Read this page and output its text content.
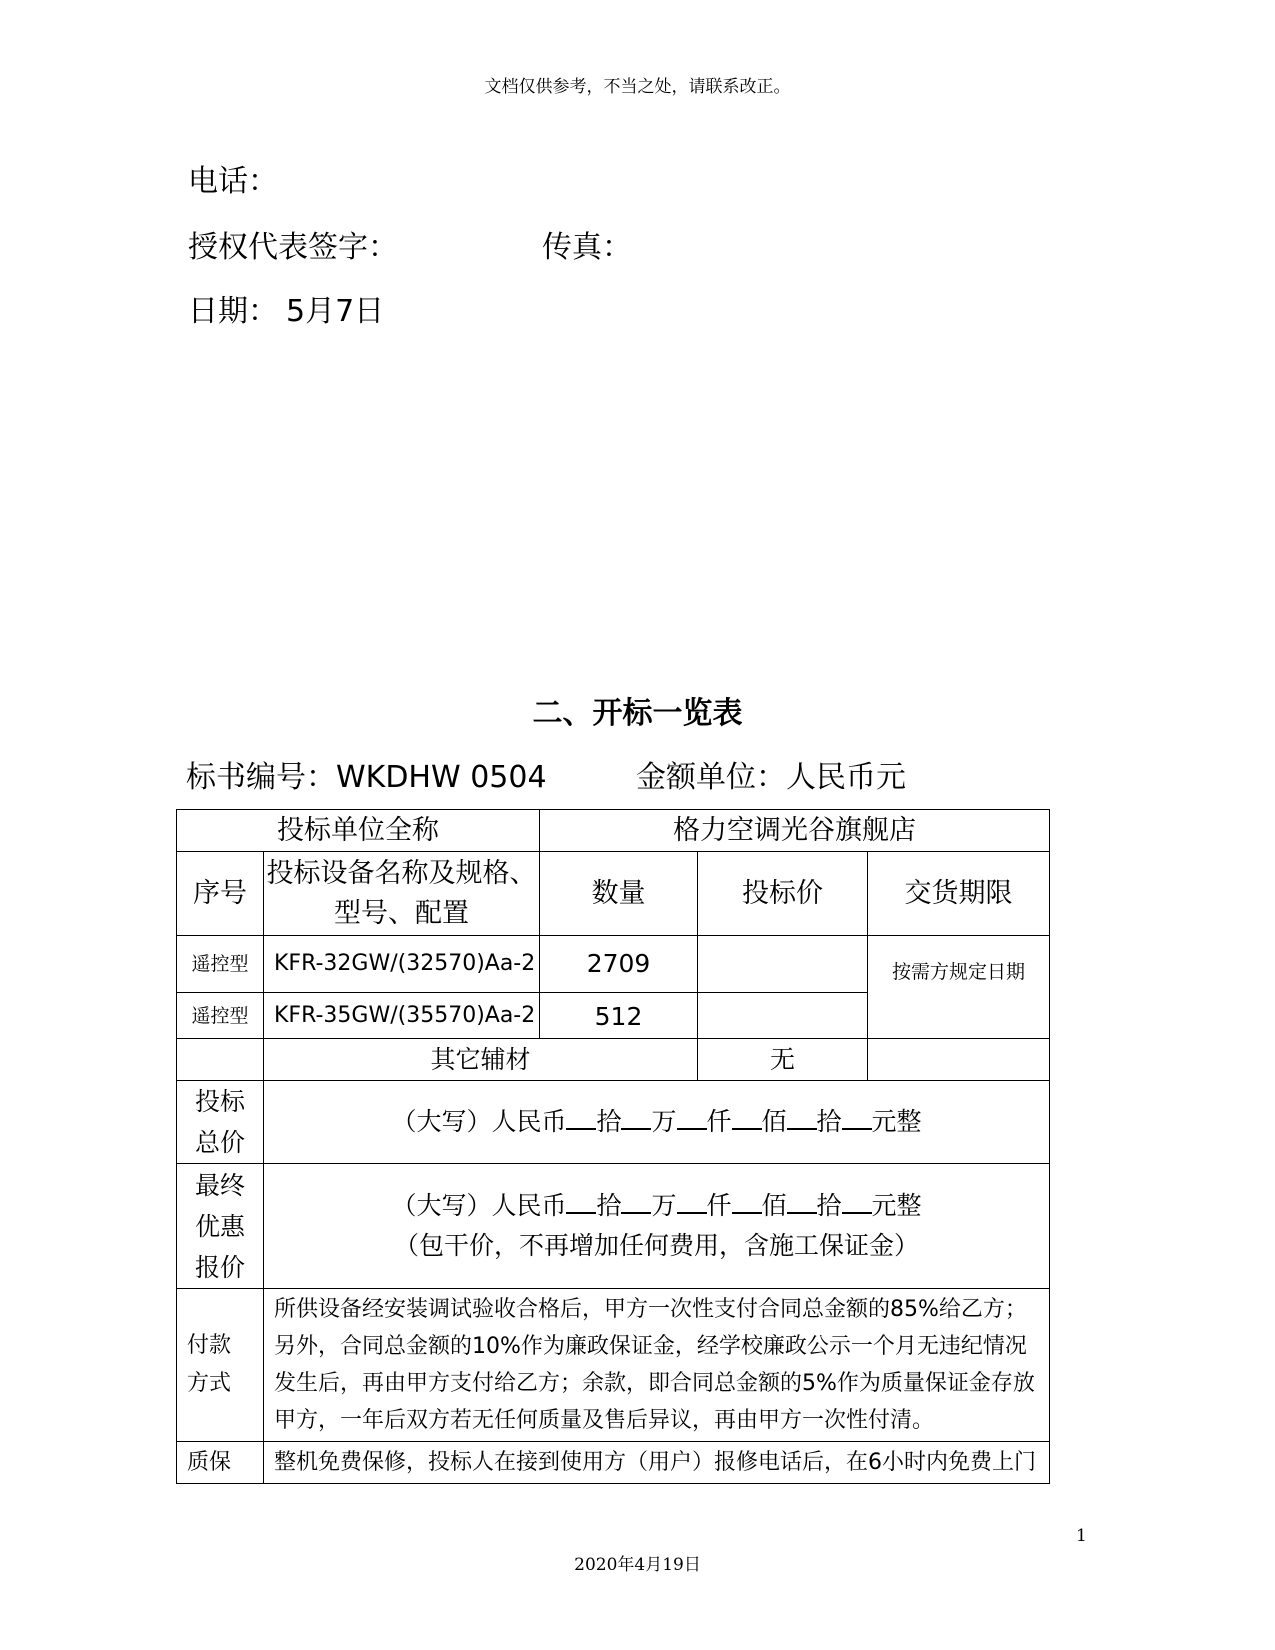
文档仅供参考，不当之处，请联系改正。
电话：
授权代表签字：	传真：
日期： 5月7日
二、开标一览表
标书编号：WKDHW 0504	金额单位：人民币元
投标单位全称		格力空调光谷旗舰店		
序号	投标设备名称及规格、型号、配置	数量	投标价	交货期限
遥控型	KFR-32GW/(32570)Aa-2	2709		按需方规定日期
遥控型	KFR-35GW/(35570)Aa-2	512		
	其它辅材		无	
投标
总价	（大写）人民币 拾 万 仟 佰 拾 元整			
最终
优惠
报价	（大写）人民币 拾 万 仟 佰 拾 元整
（包干价，不再增加任何费用，含施工保证金）			
付款
方式	所供设备经安装调试验收合格后，甲方一次性支付合同总金额的85%给乙方；另外，合同总金额的10%作为廉政保证金，经学校廉政公示一个月无违纪情况发生后，再由甲方支付给乙方；余款，即合同总金额的5%作为质量保证金存放甲方，一年后双方若无任何质量及售后异议，再由甲方一次性付清。			
质保	整机免费保修，投标人在接到使用方（用户）报修电话后，在6小时内免费上门			
1
2020年4月19日
